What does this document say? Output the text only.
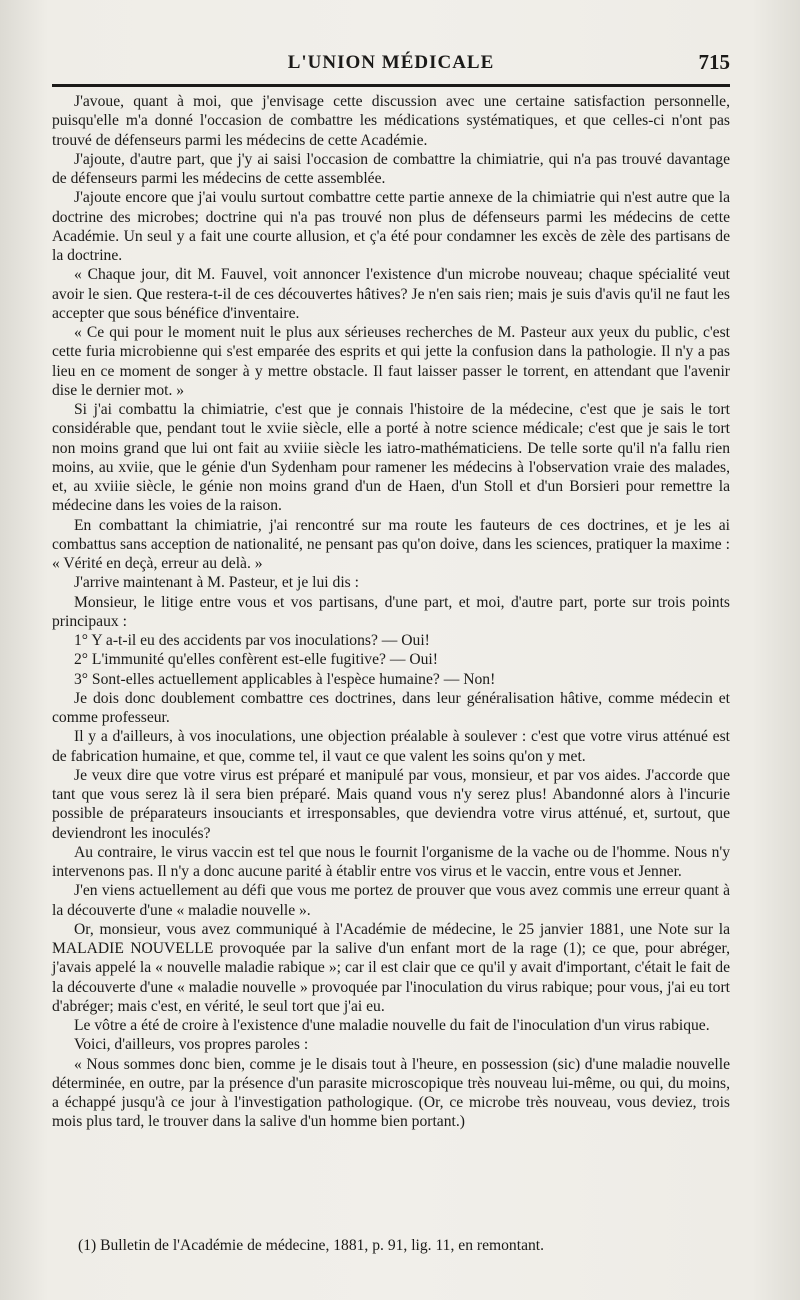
L'UNION MÉDICALE	715

J'avoue, quant à moi, que j'envisage cette discussion avec une certaine satisfaction personnelle, puisqu'elle m'a donné l'occasion de combattre les médications systématiques, et que celles-ci n'ont pas trouvé de défenseurs parmi les médecins de cette Académie.

J'ajoute, d'autre part, que j'y ai saisi l'occasion de combattre la chimiatrie, qui n'a pas trouvé davantage de défenseurs parmi les médecins de cette assemblée.

J'ajoute encore que j'ai voulu surtout combattre cette partie annexe de la chimiatrie qui n'est autre que la doctrine des microbes; doctrine qui n'a pas trouvé non plus de défenseurs parmi les médecins de cette Académie. Un seul y a fait une courte allusion, et ç'a été pour condamner les excès de zèle des partisans de la doctrine.

« Chaque jour, dit M. Fauvel, voit annoncer l'existence d'un microbe nouveau; chaque spécialité veut avoir le sien. Que restera-t-il de ces découvertes hâtives? Je n'en sais rien; mais je suis d'avis qu'il ne faut les accepter que sous bénéfice d'inventaire.

« Ce qui pour le moment nuit le plus aux sérieuses recherches de M. Pasteur aux yeux du public, c'est cette furia microbienne qui s'est emparée des esprits et qui jette la confusion dans la pathologie. Il n'y a pas lieu en ce moment de songer à y mettre obstacle. Il faut laisser passer le torrent, en attendant que l'avenir dise le dernier mot. »

Si j'ai combattu la chimiatrie, c'est que je connais l'histoire de la médecine, c'est que je sais le tort considérable que, pendant tout le xviie siècle, elle a porté à notre science médicale; c'est que je sais le tort non moins grand que lui ont fait au xviiie siècle les iatro-mathématiciens. De telle sorte qu'il n'a fallu rien moins, au xviie, que le génie d'un Sydenham pour ramener les médecins à l'observation vraie des malades, et, au xviiie siècle, le génie non moins grand d'un de Haen, d'un Stoll et d'un Borsieri pour remettre la médecine dans les voies de la raison.

En combattant la chimiatrie, j'ai rencontré sur ma route les fauteurs de ces doctrines, et je les ai combattus sans acception de nationalité, ne pensant pas qu'on doive, dans les sciences, pratiquer la maxime : « Vérité en deçà, erreur au delà. »

J'arrive maintenant à M. Pasteur, et je lui dis :

Monsieur, le litige entre vous et vos partisans, d'une part, et moi, d'autre part, porte sur trois points principaux :

1° Y a-t-il eu des accidents par vos inoculations? — Oui!

2° L'immunité qu'elles confèrent est-elle fugitive? — Oui!

3° Sont-elles actuellement applicables à l'espèce humaine? — Non!

Je dois donc doublement combattre ces doctrines, dans leur généralisation hâtive, comme médecin et comme professeur.

Il y a d'ailleurs, à vos inoculations, une objection préalable à soulever : c'est que votre virus atténué est de fabrication humaine, et que, comme tel, il vaut ce que valent les soins qu'on y met.

Je veux dire que votre virus est préparé et manipulé par vous, monsieur, et par vos aides. J'accorde que tant que vous serez là il sera bien préparé. Mais quand vous n'y serez plus! Abandonné alors à l'incurie possible de préparateurs insouciants et irresponsables, que deviendra votre virus atténué, et, surtout, que deviendront les inoculés?

Au contraire, le virus vaccin est tel que nous le fournit l'organisme de la vache ou de l'homme. Nous n'y intervenons pas. Il n'y a donc aucune parité à établir entre vos virus et le vaccin, entre vous et Jenner.

J'en viens actuellement au défi que vous me portez de prouver que vous avez commis une erreur quant à la découverte d'une « maladie nouvelle ».

Or, monsieur, vous avez communiqué à l'Académie de médecine, le 25 janvier 1881, une Note sur la MALADIE NOUVELLE provoquée par la salive d'un enfant mort de la rage (1); ce que, pour abréger, j'avais appelé la « nouvelle maladie rabique »; car il est clair que ce qu'il y avait d'important, c'était le fait de la découverte d'une « maladie nouvelle » provoquée par l'inoculation du virus rabique; pour vous, j'ai eu tort d'abréger; mais c'est, en vérité, le seul tort que j'ai eu.

Le vôtre a été de croire à l'existence d'une maladie nouvelle du fait de l'inoculation d'un virus rabique.

Voici, d'ailleurs, vos propres paroles :

« Nous sommes donc bien, comme je le disais tout à l'heure, en possession (sic) d'une maladie nouvelle déterminée, en outre, par la présence d'un parasite microscopique très nouveau lui-même, ou qui, du moins, a échappé jusqu'à ce jour à l'investigation pathologique. (Or, ce microbe très nouveau, vous deviez, trois mois plus tard, le trouver dans la salive d'un homme bien portant.)

(1) Bulletin de l'Académie de médecine, 1881, p. 91, lig. 11, en remontant.
